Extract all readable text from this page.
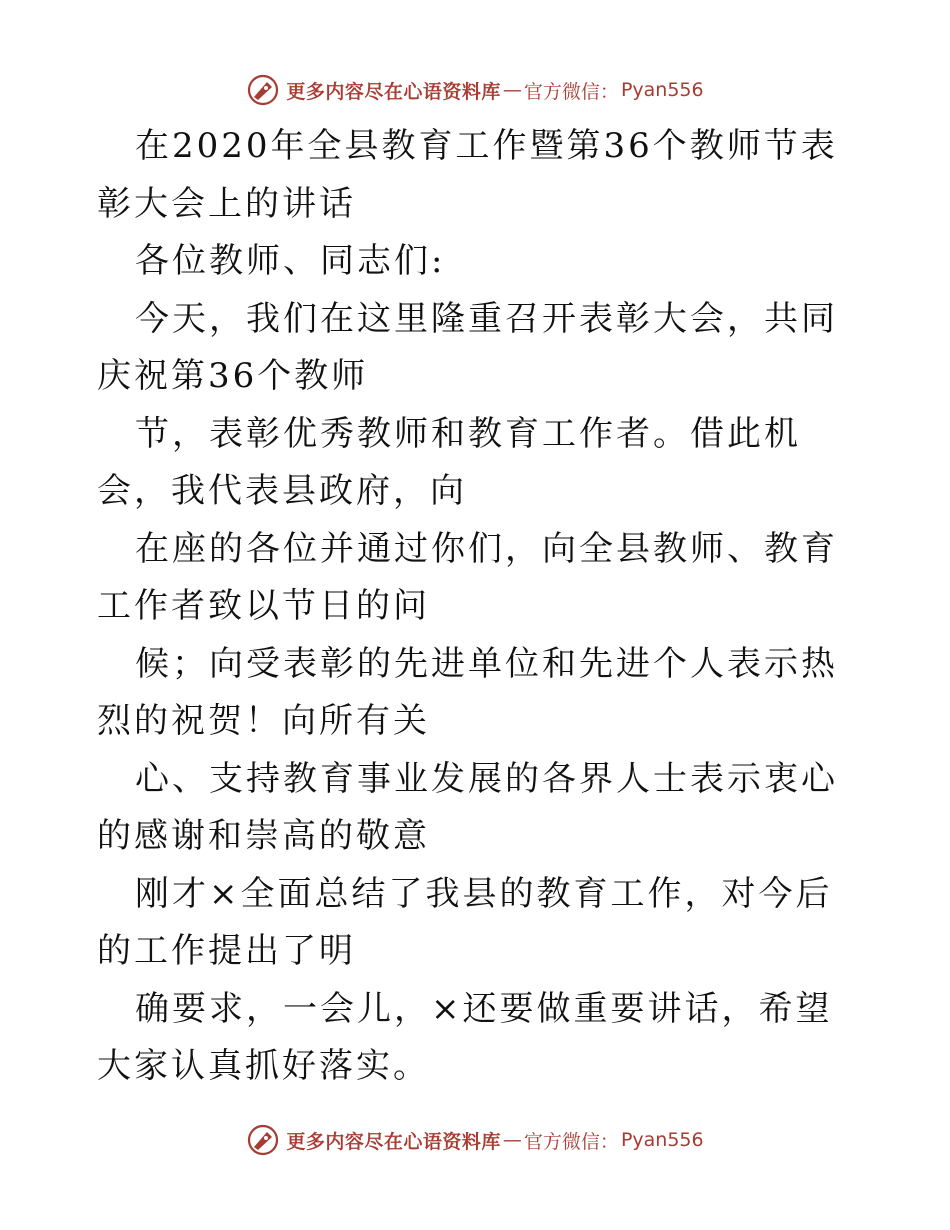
更多内容尽在心语资料库 — 官方微信： Pyan556

在2020年全县教育工作暨第36个教师节表彰大会上的讲话

各位教师、同志们:

今天，我们在这里隆重召开表彰大会，共同庆祝第36个教师

节，表彰优秀教师和教育工作者。借此机会，我代表县政府，向

在座的各位并通过你们，向全县教师、教育工作者致以节日的问

候；向受表彰的先进单位和先进个人表示热烈的祝贺！向所有关

心、支持教育事业发展的各界人士表示衷心的感谢和崇高的敬意

刚才×全面总结了我县的教育工作，对今后的工作提出了明

确要求，一会儿，×还要做重要讲话，希望大家认真抓好落实。

更多内容尽在心语资料库 — 官方微信： Pyan556
